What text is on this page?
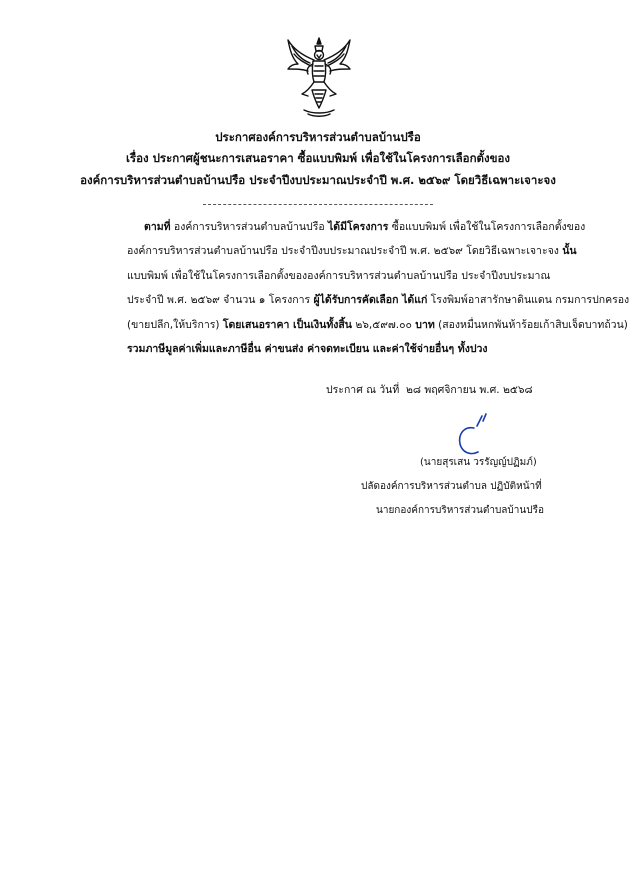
ประกาศองค์การบริหารส่วนตำบลบ้านปรือ
เรื่อง ประกาศผู้ชนะการเสนอราคา ซื้อแบบพิมพ์ เพื่อใช้ในโครงการเลือกตั้งของ
องค์การบริหารส่วนตำบลบ้านปรือ ประจำปีงบประมาณประจำปี พ.ศ. ๒๕๖๙ โดยวิธีเฉพาะเจาะจง
ตามที่ องค์การบริหารส่วนตำบลบ้านปรือ ได้มีโครงการ ซื้อแบบพิมพ์ เพื่อใช้ในโครงการเลือกตั้งของ
องค์การบริหารส่วนตำบลบ้านปรือ ประจำปีงบประมาณประจำปี พ.ศ. ๒๕๖๙ โดยวิธีเฉพาะเจาะจง นั้น
แบบพิมพ์ เพื่อใช้ในโครงการเลือกตั้งขององค์การบริหารส่วนตำบลบ้านปรือ ประจำปีงบประมาณ
ประจำปี พ.ศ. ๒๕๖๙ จำนวน ๑ โครงการ ผู้ได้รับการคัดเลือก ได้แก่ โรงพิมพ์อาสารักษาดินแดน กรมการปกครอง
(ขายปลีก,ให้บริการ) โดยเสนอราคา เป็นเงินทั้งสิ้น ๒๖,๕๙๗.๐๐ บาท (สองหมื่นหกพันห้าร้อยเก้าสิบเจ็ดบาทถ้วน)
รวมภาษีมูลค่าเพิ่มและภาษีอื่น ค่าขนส่ง ค่าจดทะเบียน และค่าใช้จ่ายอื่นๆ ทั้งปวง
ประกาศ ณ วันที่ ๒๘ พฤศจิกายน พ.ศ. ๒๕๖๘
(นายสุรเสน วรรัญญ์ปฏิมภ์)
ปลัดองค์การบริหารส่วนตำบล ปฏิบัติหน้าที่
นายกองค์การบริหารส่วนตำบลบ้านปรือ
